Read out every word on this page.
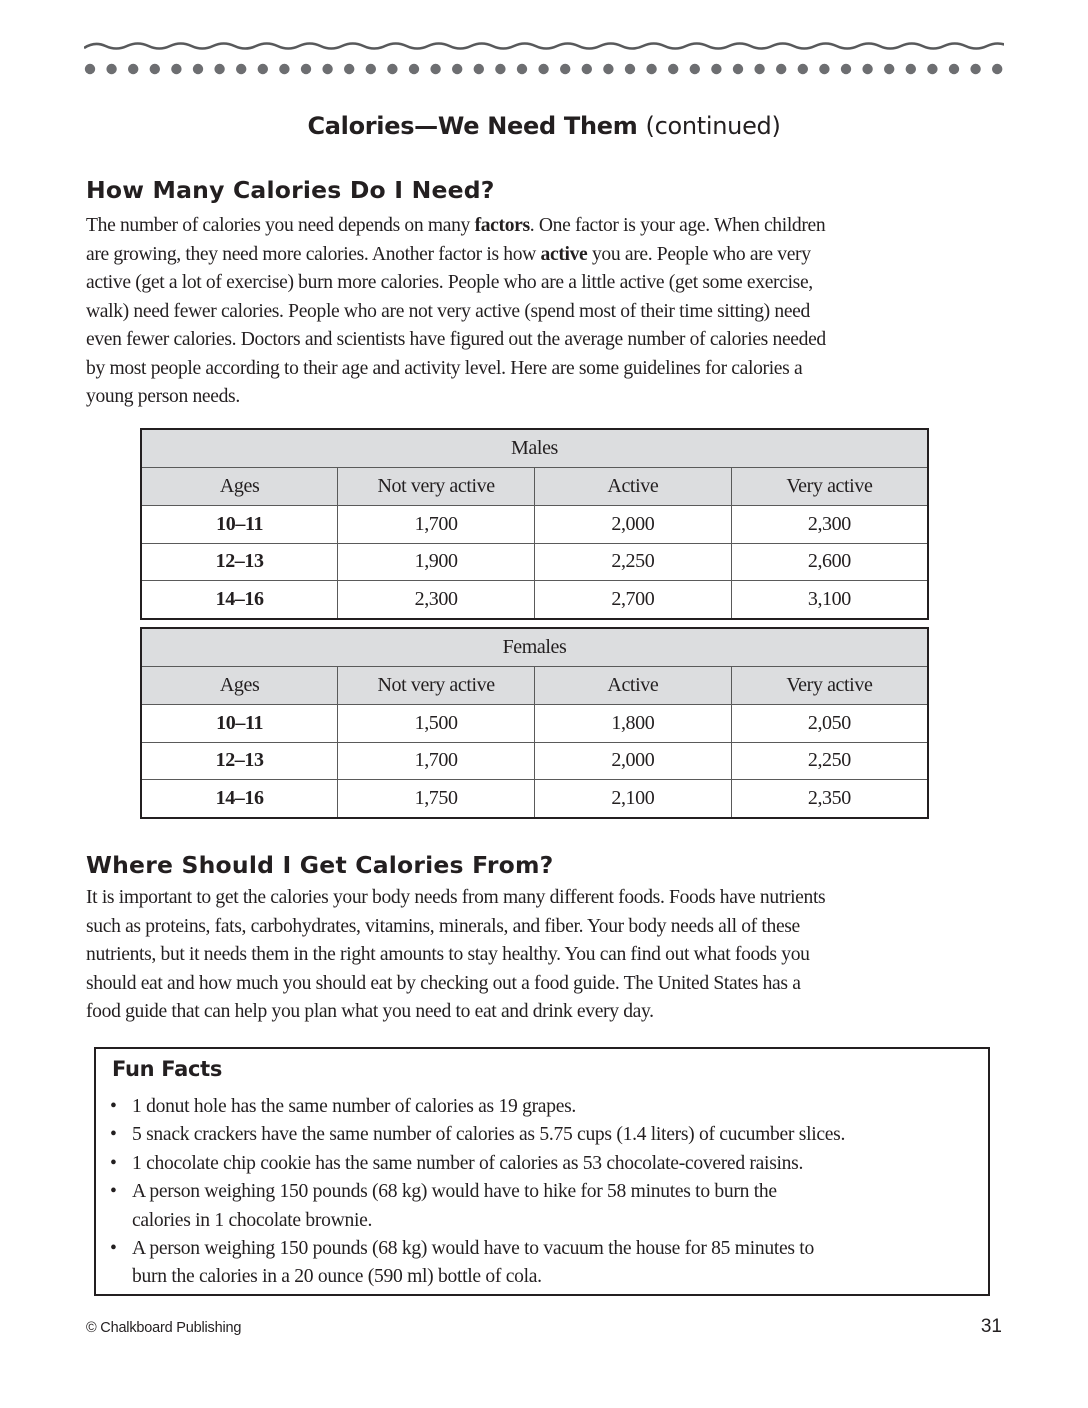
Calories—We Need Them (continued)
How Many Calories Do I Need?
The number of calories you need depends on many factors. One factor is your age. When children
are growing, they need more calories. Another factor is how active you are. People who are very
active (get a lot of exercise) burn more calories. People who are a little active (get some exercise,
walk) need fewer calories. People who are not very active (spend most of their time sitting) need
even fewer calories. Doctors and scientists have figured out the average number of calories needed
by most people according to their age and activity level. Here are some guidelines for calories a
young person needs.
Males			
Ages	Not very active	Active	Very active
10–11	1,700	2,000	2,300
12–13	1,900	2,250	2,600
14–16	2,300	2,700	3,100
Females			
Ages	Not very active	Active	Very active
10–11	1,500	1,800	2,050
12–13	1,700	2,000	2,250
14–16	1,750	2,100	2,350
Where Should I Get Calories From?
It is important to get the calories your body needs from many different foods. Foods have nutrients
such as proteins, fats, carbohydrates, vitamins, minerals, and fiber. Your body needs all of these
nutrients, but it needs them in the right amounts to stay healthy. You can find out what foods you
should eat and how much you should eat by checking out a food guide. The United States has a
food guide that can help you plan what you need to eat and drink every day.
Fun Facts
• 1 donut hole has the same number of calories as 19 grapes.
• 5 snack crackers have the same number of calories as 5.75 cups (1.4 liters) of cucumber slices.
• 1 chocolate chip cookie has the same number of calories as 53 chocolate-covered raisins.
• A person weighing 150 pounds (68 kg) would have to hike for 58 minutes to burn the
calories in 1 chocolate brownie.
• A person weighing 150 pounds (68 kg) would have to vacuum the house for 85 minutes to
burn the calories in a 20 ounce (590 ml) bottle of cola.
© Chalkboard Publishing	31
